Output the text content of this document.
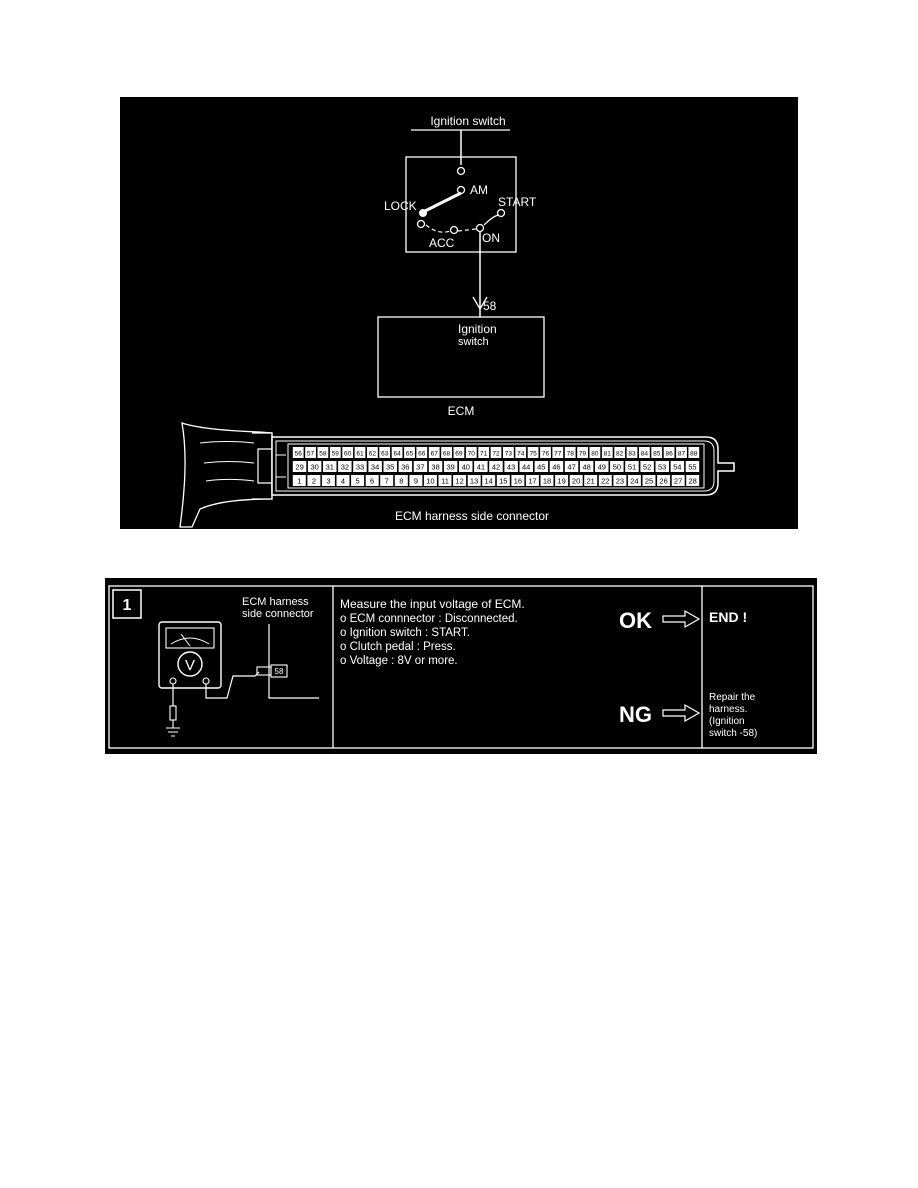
Ignition switch
AM
LOCK	START
ACC ON
58
Ignition
switch
ECM
56 57 58 59 60 61 62 63 64 65 66 67 68 69 70 71 72 73 74 75 76 77 78 79 80 81 82 83 84 85 86 87 88
29 30 31 32 33 34 35 36 37 38 39 40 41 42 43 44 45 46 47 48 49 50 51 52 53 54 55
1 2 3 4 5 6 7 8 9 10 11 12 13 14 15 16 17 18 19 20 21 22 23 24 25 26 27 28
ECM harness side connector
1	ECM harness
side connector
V	58
Measure the input voltage of ECM.
o ECM connnector : Disconnected.
o Ignition switch : START.
o Clutch pedal : Press.
o Voltage : 8V or more.
OK
NG
END !
Repair the
harness.
(Ignition
switch -58)
